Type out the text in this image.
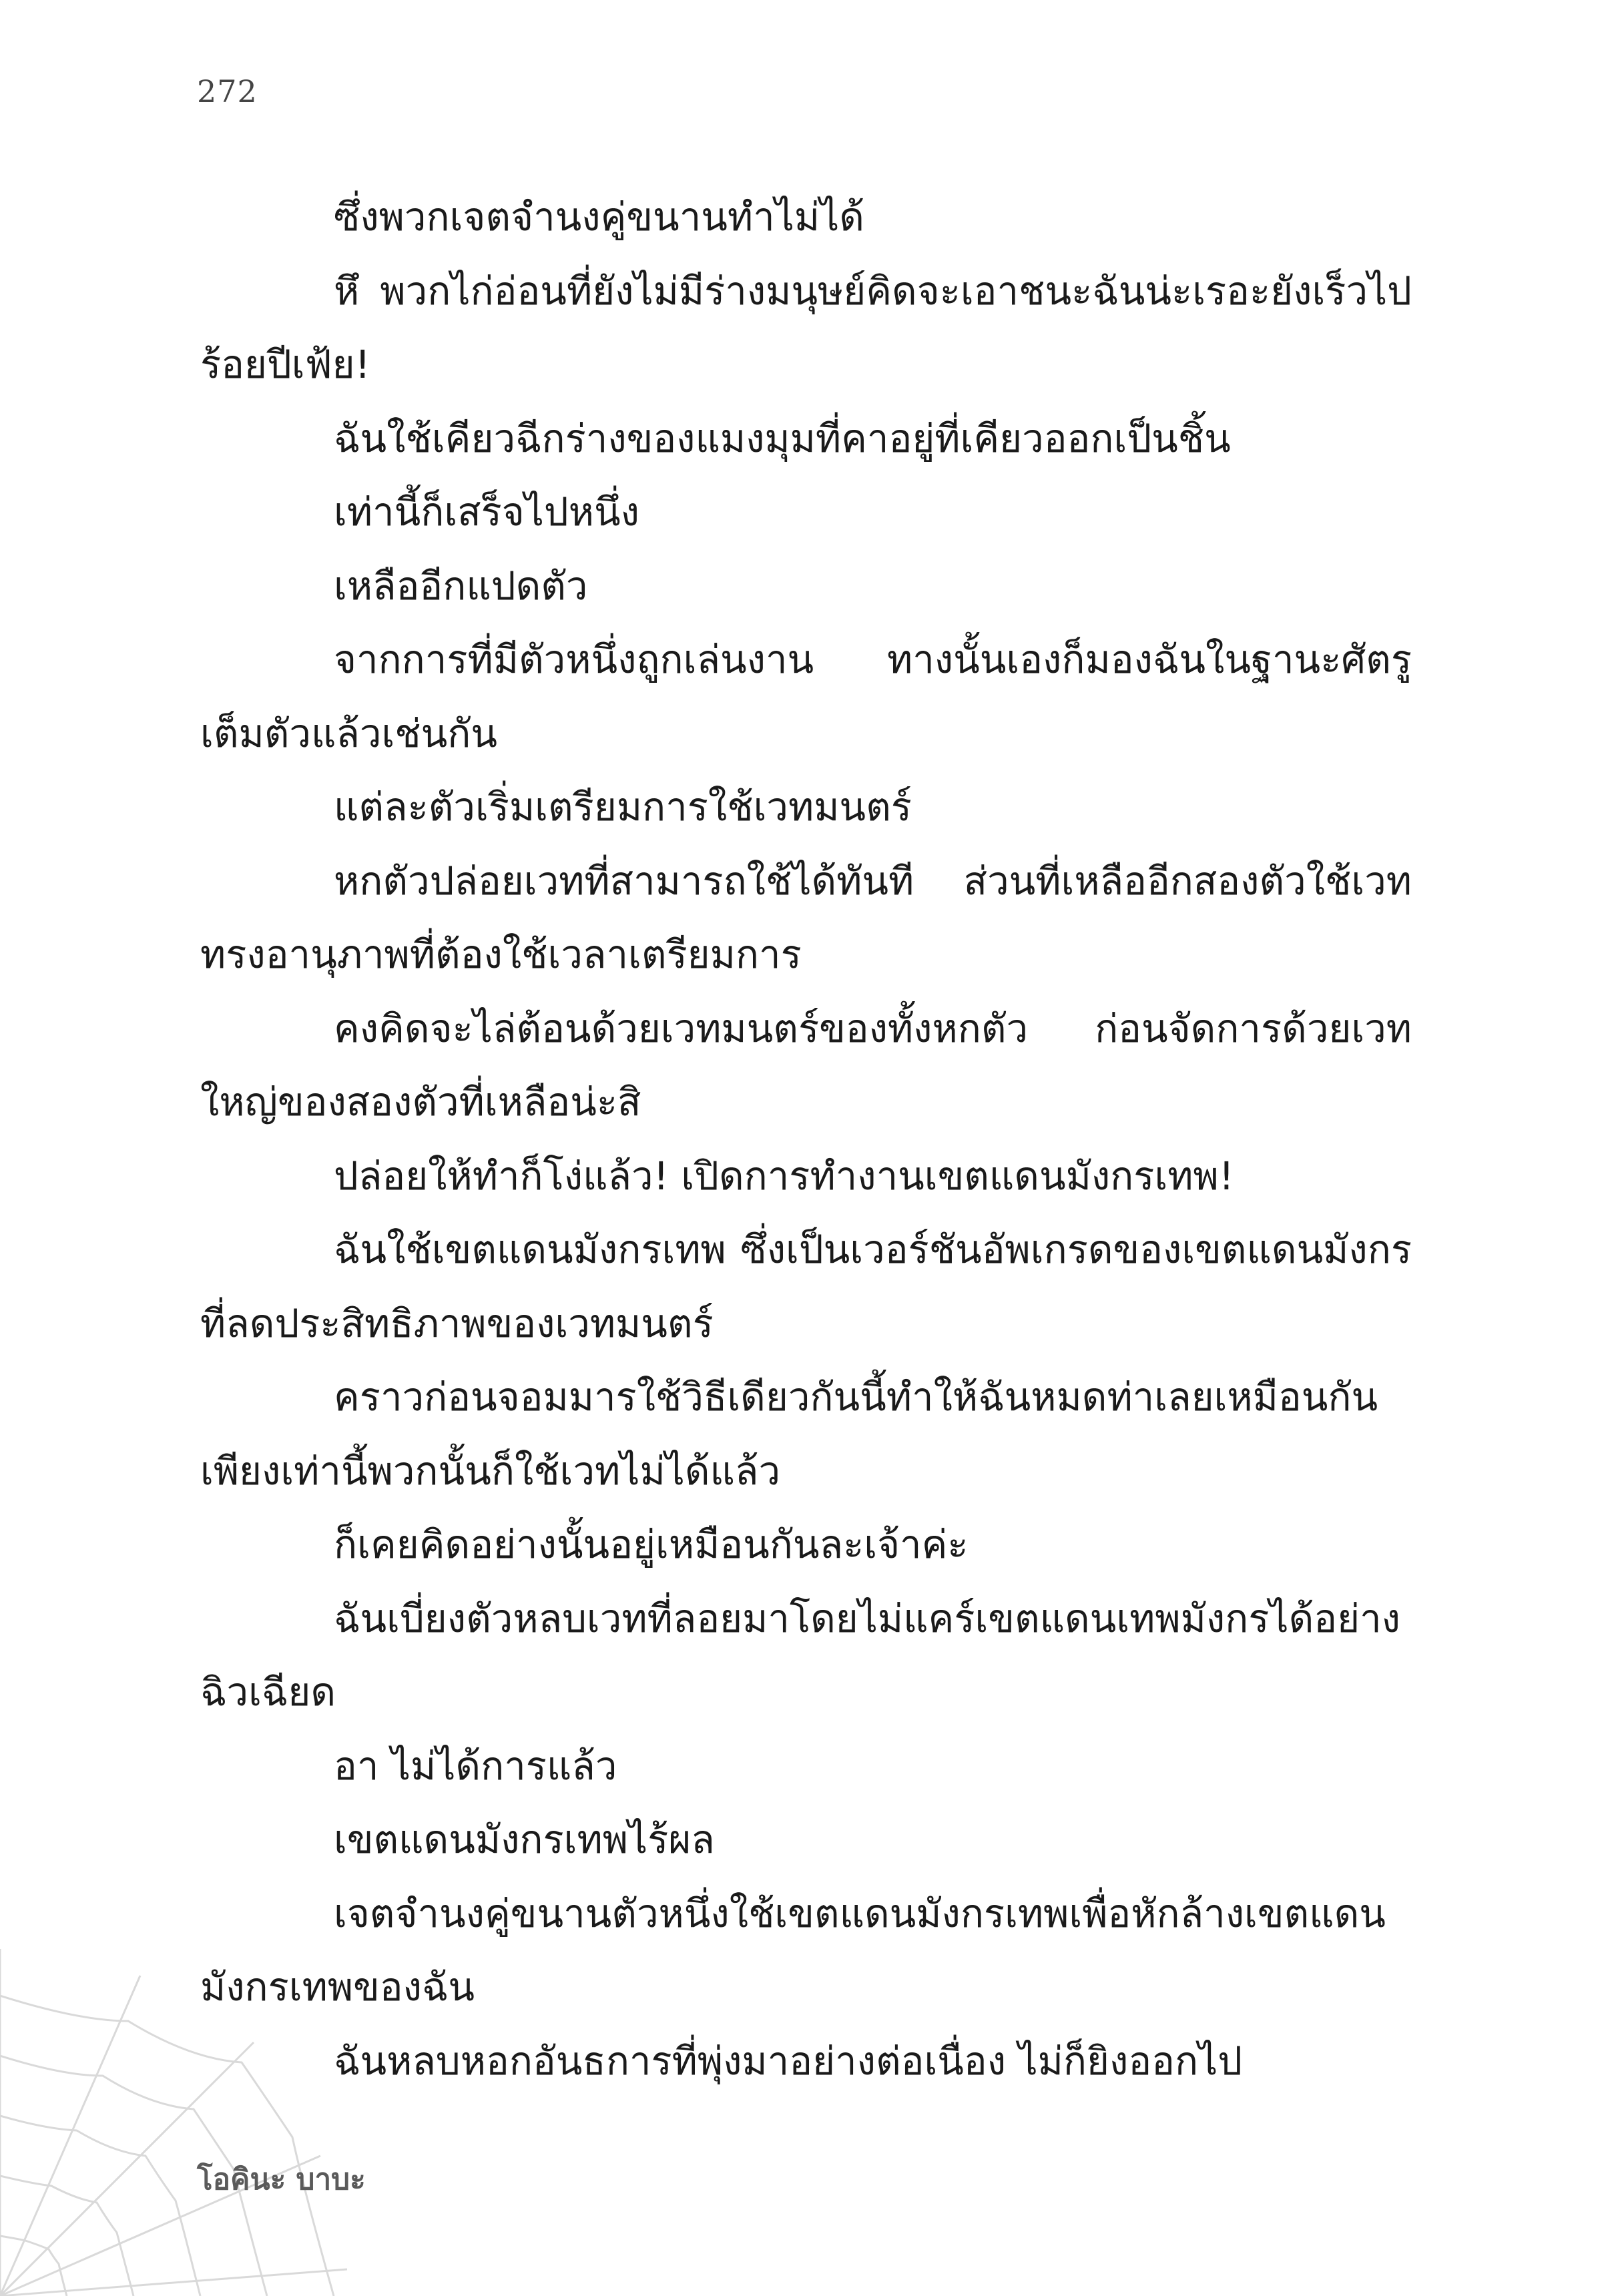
272

ซึ่งพวกเจตจำนงคู่ขนานทำไม่ได้

หึ พวกไก่อ่อนที่ยังไม่มีร่างมนุษย์คิดจะเอาชนะฉันน่ะเรอะยังเร็วไปร้อยปีเฟ้ย!

ฉันใช้เคียวฉีกร่างของแมงมุมที่คาอยู่ที่เคียวออกเป็นชิ้น

เท่านี้ก็เสร็จไปหนึ่ง

เหลืออีกแปดตัว

จากการที่มีตัวหนึ่งถูกเล่นงาน ทางนั้นเองก็มองฉันในฐานะศัตรูเต็มตัวแล้วเช่นกัน

แต่ละตัวเริ่มเตรียมการใช้เวทมนตร์

หกตัวปล่อยเวทที่สามารถใช้ได้ทันที ส่วนที่เหลืออีกสองตัวใช้เวททรงอานุภาพที่ต้องใช้เวลาเตรียมการ

คงคิดจะไล่ต้อนด้วยเวทมนตร์ของทั้งหกตัว ก่อนจัดการด้วยเวทใหญ่ของสองตัวที่เหลือน่ะสิ

ปล่อยให้ทำก็โง่แล้ว! เปิดการทำงานเขตแดนมังกรเทพ!

ฉันใช้เขตแดนมังกรเทพ ซึ่งเป็นเวอร์ชันอัพเกรดของเขตแดนมังกรที่ลดประสิทธิภาพของเวทมนตร์

คราวก่อนจอมมารใช้วิธีเดียวกันนี้ทำให้ฉันหมดท่าเลยเหมือนกัน เพียงเท่านี้พวกนั้นก็ใช้เวทไม่ได้แล้ว

ก็เคยคิดอย่างนั้นอยู่เหมือนกันละเจ้าค่ะ

ฉันเบี่ยงตัวหลบเวทที่ลอยมาโดยไม่แคร์เขตแดนเทพมังกรได้อย่างฉิวเฉียด

อา ไม่ได้การแล้ว

เขตแดนมังกรเทพไร้ผล

เจตจำนงคู่ขนานตัวหนึ่งใช้เขตแดนมังกรเทพเพื่อหักล้างเขตแดนมังกรเทพของฉัน

ฉันหลบหอกอันธการที่พุ่งมาอย่างต่อเนื่อง ไม่ก็ยิงออกไป

โอคินะ บาบะ
